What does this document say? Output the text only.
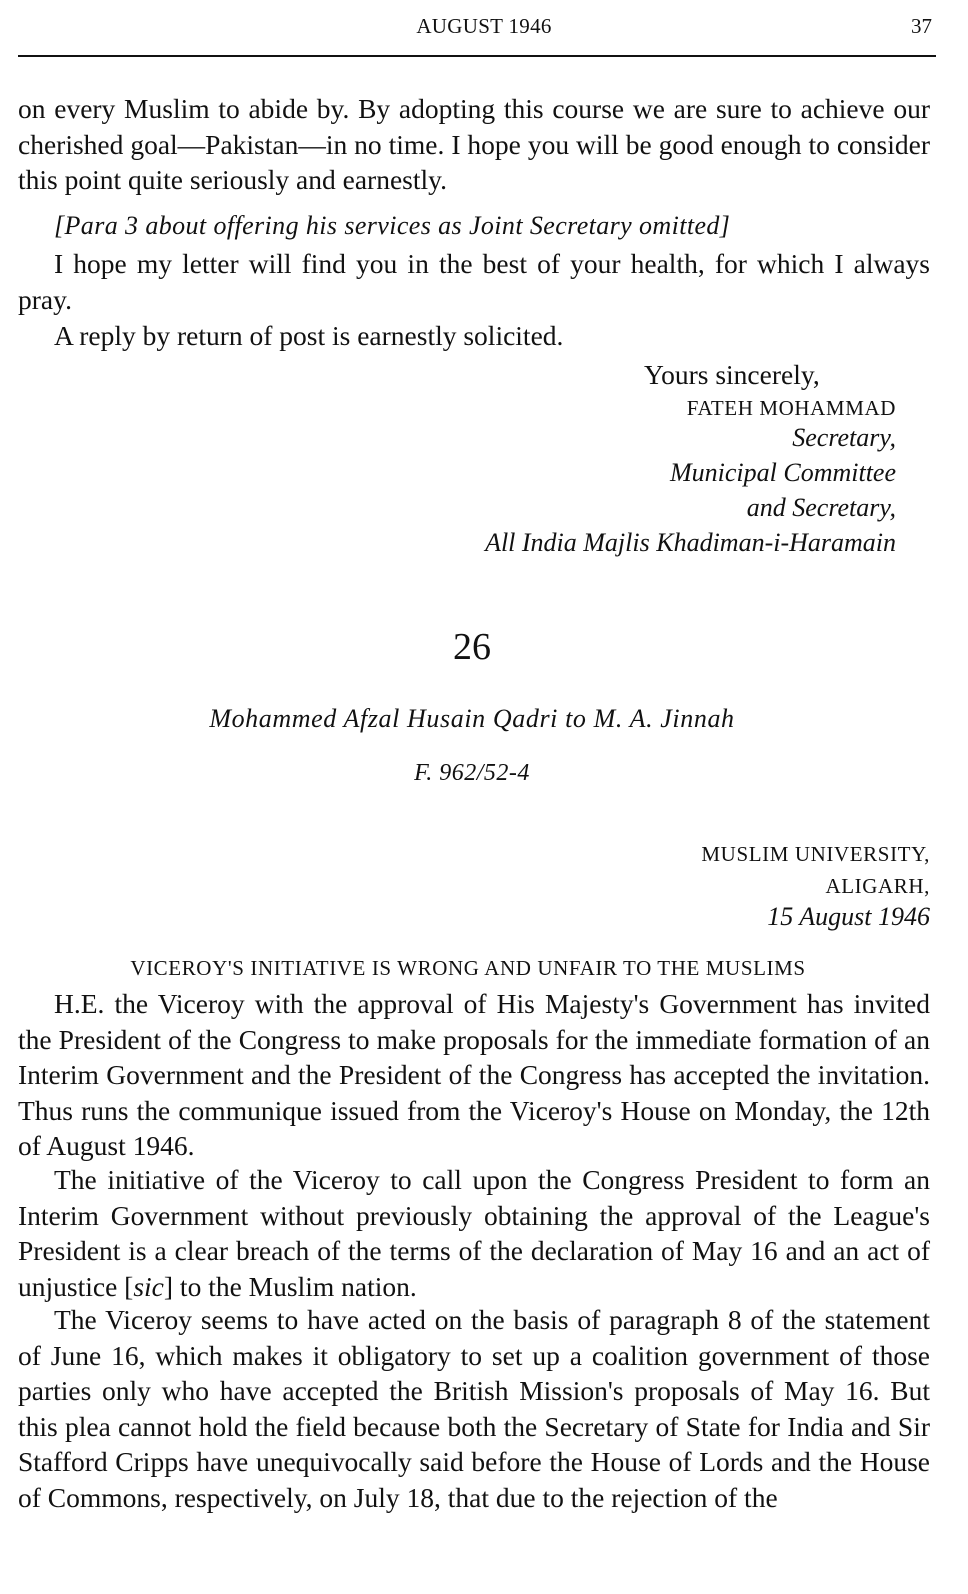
AUGUST 1946	37
on every Muslim to abide by. By adopting this course we are sure to achieve our cherished goal—Pakistan—in no time. I hope you will be good enough to consider this point quite seriously and earnestly.
[Para 3 about offering his services as Joint Secretary omitted]
I hope my letter will find you in the best of your health, for which I always pray.
A reply by return of post is earnestly solicited.
Yours sincerely,
FATEH MOHAMMAD
Secretary,
Municipal Committee
and Secretary,
All India Majlis Khadiman-i-Haramain
26
Mohammed Afzal Husain Qadri to M. A. Jinnah
F. 962/52-4
MUSLIM UNIVERSITY,
ALIGARH,
15 August 1946
VICEROY'S INITIATIVE IS WRONG AND UNFAIR TO THE MUSLIMS
H.E. the Viceroy with the approval of His Majesty's Government has invited the President of the Congress to make proposals for the immediate formation of an Interim Government and the President of the Congress has accepted the invitation. Thus runs the communique issued from the Viceroy's House on Monday, the 12th of August 1946.
The initiative of the Viceroy to call upon the Congress President to form an Interim Government without previously obtaining the approval of the League's President is a clear breach of the terms of the declaration of May 16 and an act of unjustice [sic] to the Muslim nation.
The Viceroy seems to have acted on the basis of paragraph 8 of the statement of June 16, which makes it obligatory to set up a coalition government of those parties only who have accepted the British Mission's proposals of May 16. But this plea cannot hold the field because both the Secretary of State for India and Sir Stafford Cripps have unequivocally said before the House of Lords and the House of Commons, respectively, on July 18, that due to the rejection of the
